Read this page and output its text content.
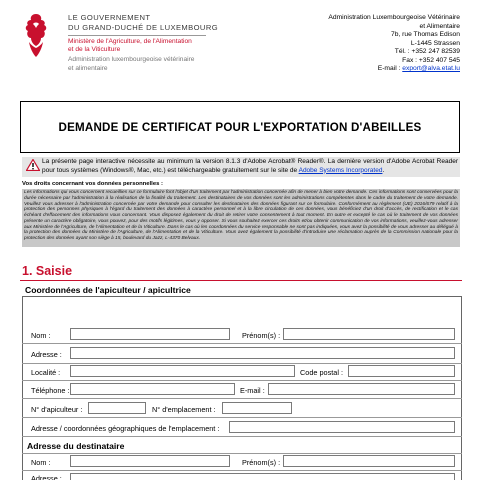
LE GOUVERNEMENT
DU GRAND-DUCHÉ DE LUXEMBOURG
Ministère de l'Agriculture, de l'Alimentation
et de la Viticulture
Administration luxembourgeoise vétérinaire
et alimentaire
Administration Luxembourgeoise Vétérinaire
et Alimentaire
7b, rue Thomas Edison
L-1445 Strassen
Tél. : +352 247 82539
Fax : +352 407 545
E-mail : export@alva.etat.lu
DEMANDE DE CERTIFICAT POUR L'EXPORTATION D'ABEILLES
La présente page interactive nécessite au minimum la version 8.1.3 d'Adobe Acrobat® Reader®. La dernière version d'Adobe Acrobat Reader pour tous systèmes (Windows®, Mac, etc.) est téléchargeable gratuitement sur le site de Adobe Systems Incorporated.
Vos droits concernant vos données personnelles :
Les informations qui vous concernent recueillies sur ce formulaire font l'objet d'un traitement par l'administration concernée afin de mener à bien votre demande. Ces informations sont conservées pour la durée nécessaire par l'administration à la réalisation de la finalité du traitement. Les destinataires de vos données sont les administrations compétentes dans le cadre du traitement de votre demande. Veuillez vous adresser à l'administration concernée par votre demande pour consulter les destinataires des données figurant sur ce formulaire. Conformément au règlement (UE) 2016/679 relatif à la protection des personnes physiques à l'égard du traitement des données à caractère personnel et à la libre circulation de ces données, vous bénéficiez d'un droit d'accès, de rectification et le cas échéant d'effacement des informations vous concernant. Vous disposez également du droit de retirer votre consentement à tout moment. En outre et excepté le cas où le traitement de vos données présente un caractère obligatoire, vous pouvez, pour des motifs légitimes, vous y opposer. Si vous souhaitez exercer ces droits et/ou obtenir communication de vos informations, veuillez-vous adresser aux Ministère de l'Agriculture, de l'Alimentation et de la Viticulture. Dans le cas où les coordonnées du service responsable ne sont pas indiquées, vous avez la possibilité de vous adresser au délégué à la protection des données du Ministère de l'Agriculture, de l'Alimentation et de la Viticulture. Vous avez également la possibilité d'introduire une réclamation auprès de la Commission nationale pour la protection des données ayant son siège à 15, boulevard du Jazz, L-4370 Belvaux.
1. Saisie
Coordonnées de l'apiculteur / apicultrice
Nom :	Prénom(s) :
Adresse :
Localité :	Code postal :
Téléphone :	E-mail :
N° d'apiculteur :	N° d'emplacement :
Adresse / coordonnées géographiques de l'emplacement :
Adresse du destinataire
Nom :	Prénom(s) :
Adresse :
